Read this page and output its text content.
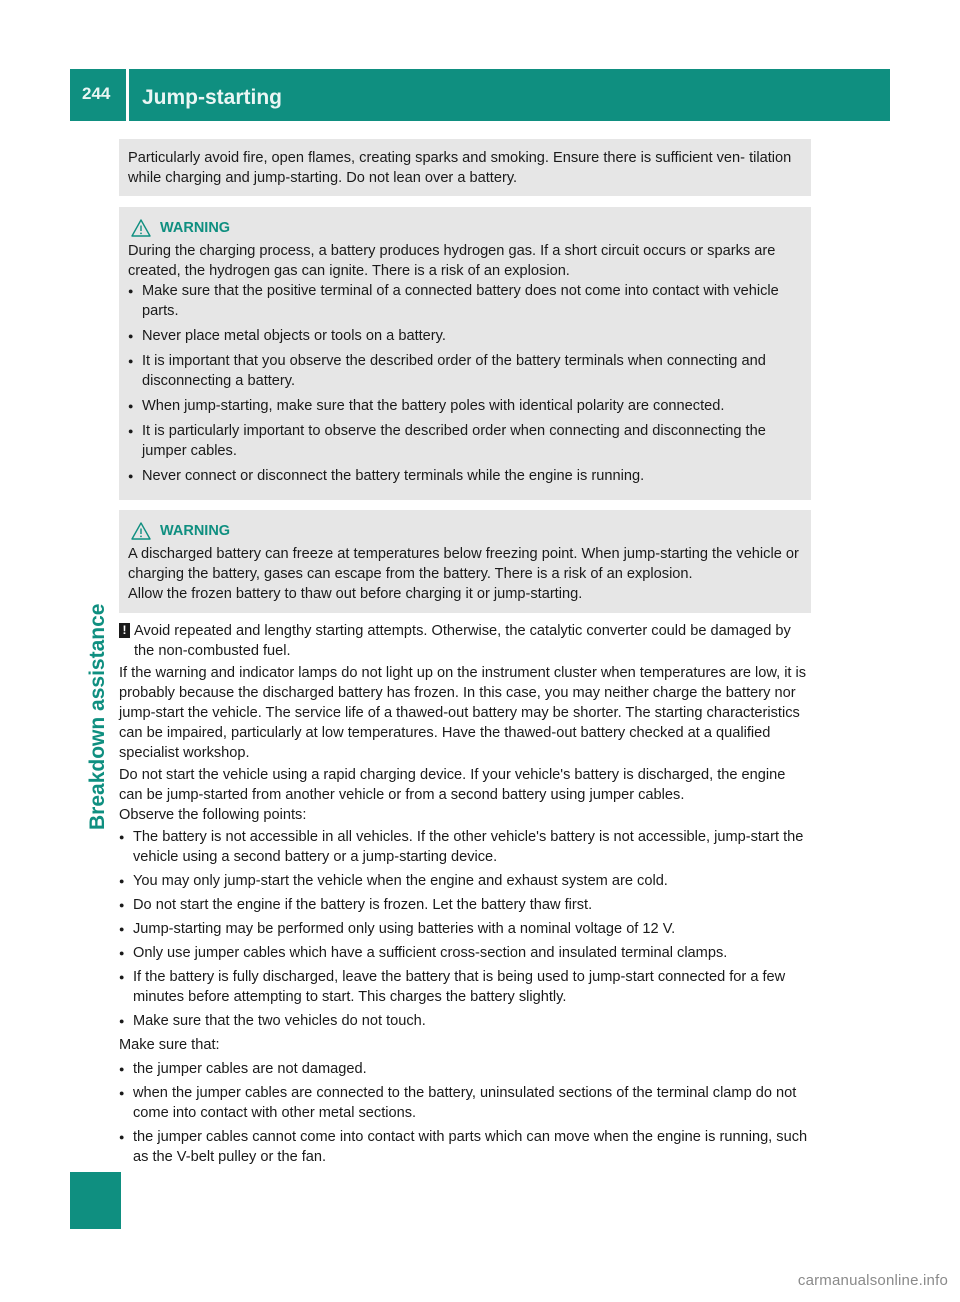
244	Jump-starting
Breakdown assistance

Particularly avoid fire, open flames, creating sparks and smoking. Ensure there is sufficient ven- tilation while charging and jump-starting. Do not lean over a battery.

WARNING

During the charging process, a battery produces hydrogen gas. If a short circuit occurs or sparks are created, the hydrogen gas can ignite. There is a risk of an explosion.

● Make sure that the positive terminal of a connected battery does not come into contact with vehicle parts.
● Never place metal objects or tools on a battery.
● It is important that you observe the described order of the battery terminals when connecting and disconnecting a battery.
● When jump-starting, make sure that the battery poles with identical polarity are connected.
● It is particularly important to observe the described order when connecting and disconnecting the jumper cables.
● Never connect or disconnect the battery terminals while the engine is running.
WARNING

A discharged battery can freeze at temperatures below freezing point. When jump-starting the vehicle or charging the battery, gases can escape from the battery. There is a risk of an explosion.

Allow the frozen battery to thaw out before charging it or jump-starting.

! Avoid repeated and lengthy starting attempts. Otherwise, the catalytic converter could be damaged by the non-combusted fuel.

If the warning and indicator lamps do not light up on the instrument cluster when temperatures are low, it is probably because the discharged battery has frozen. In this case, you may neither charge the battery nor jump-start the vehicle. The service life of a thawed-out battery may be shorter. The starting characteristics can be impaired, particularly at low temperatures. Have the thawed-out battery checked at a qualified specialist workshop.

Do not start the vehicle using a rapid charging device. If your vehicle's battery is discharged, the engine can be jump-started from another vehicle or from a second battery using jumper cables.

Observe the following points:

● The battery is not accessible in all vehicles. If the other vehicle's battery is not accessible, jump-start the vehicle using a second battery or a jump-starting device.
● You may only jump-start the vehicle when the engine and exhaust system are cold.
● Do not start the engine if the battery is frozen. Let the battery thaw first.
● Jump-starting may be performed only using batteries with a nominal voltage of 12 V.
● Only use jumper cables which have a sufficient cross-section and insulated terminal clamps.
● If the battery is fully discharged, leave the battery that is being used to jump-start connected for a few minutes before attempting to start. This charges the battery slightly.
● Make sure that the two vehicles do not touch.

Make sure that:

● the jumper cables are not damaged.
● when the jumper cables are connected to the battery, uninsulated sections of the terminal clamp do not come into contact with other metal sections.
● the jumper cables cannot come into contact with parts which can move when the engine is running, such as the V-belt pulley or the fan.
carmanualsonline.info
